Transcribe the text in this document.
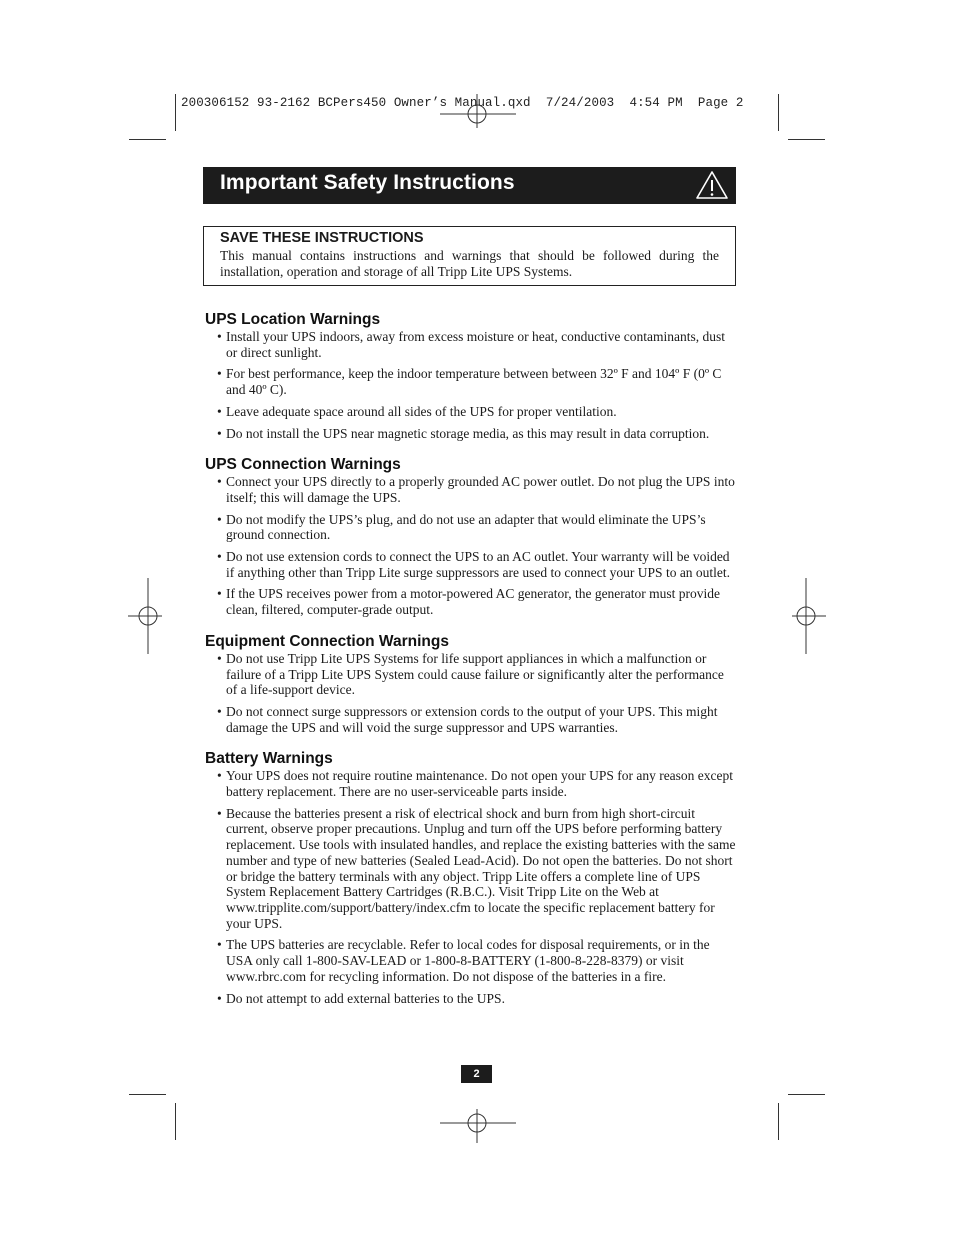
200306152 93-2162 BCPers450 Owner’s Manual.qxd  7/24/2003  4:54 PM  Page 2
Important Safety Instructions
SAVE THESE INSTRUCTIONS
This manual contains instructions and warnings that should be followed during the installation, operation and storage of all Tripp Lite UPS Systems.
UPS Location Warnings
• Install your UPS indoors, away from excess moisture or heat, conductive contaminants, dust or direct sunlight.
• For best performance, keep the indoor temperature between between 32º F and 104º F (0º C and 40º C).
• Leave adequate space around all sides of the UPS for proper ventilation.
• Do not install the UPS near magnetic storage media, as this may result in data corruption.
UPS Connection Warnings
• Connect your UPS directly to a properly grounded AC power outlet. Do not plug the UPS into itself; this will damage the UPS.
• Do not modify the UPS’s plug, and do not use an adapter that would eliminate the UPS’s ground connection.
• Do not use extension cords to connect the UPS to an AC outlet. Your warranty will be voided if anything other than Tripp Lite surge suppressors are used to connect your UPS to an outlet.
• If the UPS receives power from a motor-powered AC generator, the generator must provide clean, filtered, computer-grade output.
Equipment Connection Warnings
• Do not use Tripp Lite UPS Systems for life support appliances in which a malfunction or failure of a Tripp Lite UPS System could cause failure or significantly alter the performance of a life-support device.
• Do not connect surge suppressors or extension cords to the output of your UPS. This might damage the UPS and will void the surge suppressor and UPS warranties.
Battery Warnings
• Your UPS does not require routine maintenance. Do not open your UPS for any reason except battery replacement. There are no user-serviceable parts inside.
• Because the batteries present a risk of electrical shock and burn from high short-circuit current, observe proper precautions. Unplug and turn off the UPS before performing battery replacement. Use tools with insulated handles, and replace the existing batteries with the same number and type of new batteries (Sealed Lead-Acid). Do not open the batteries. Do not short or bridge the battery terminals with any object. Tripp Lite offers a complete line of UPS System Replacement Battery Cartridges (R.B.C.). Visit Tripp Lite on the Web at www.tripplite.com/support/battery/index.cfm to locate the specific replacement battery for your UPS.
• The UPS batteries are recyclable. Refer to local codes for disposal requirements, or in the USA only call 1-800-SAV-LEAD or 1-800-8-BATTERY (1-800-8-228-8379) or visit www.rbrc.com for recycling information. Do not dispose of the batteries in a fire.
• Do not attempt to add external batteries to the UPS.
2
